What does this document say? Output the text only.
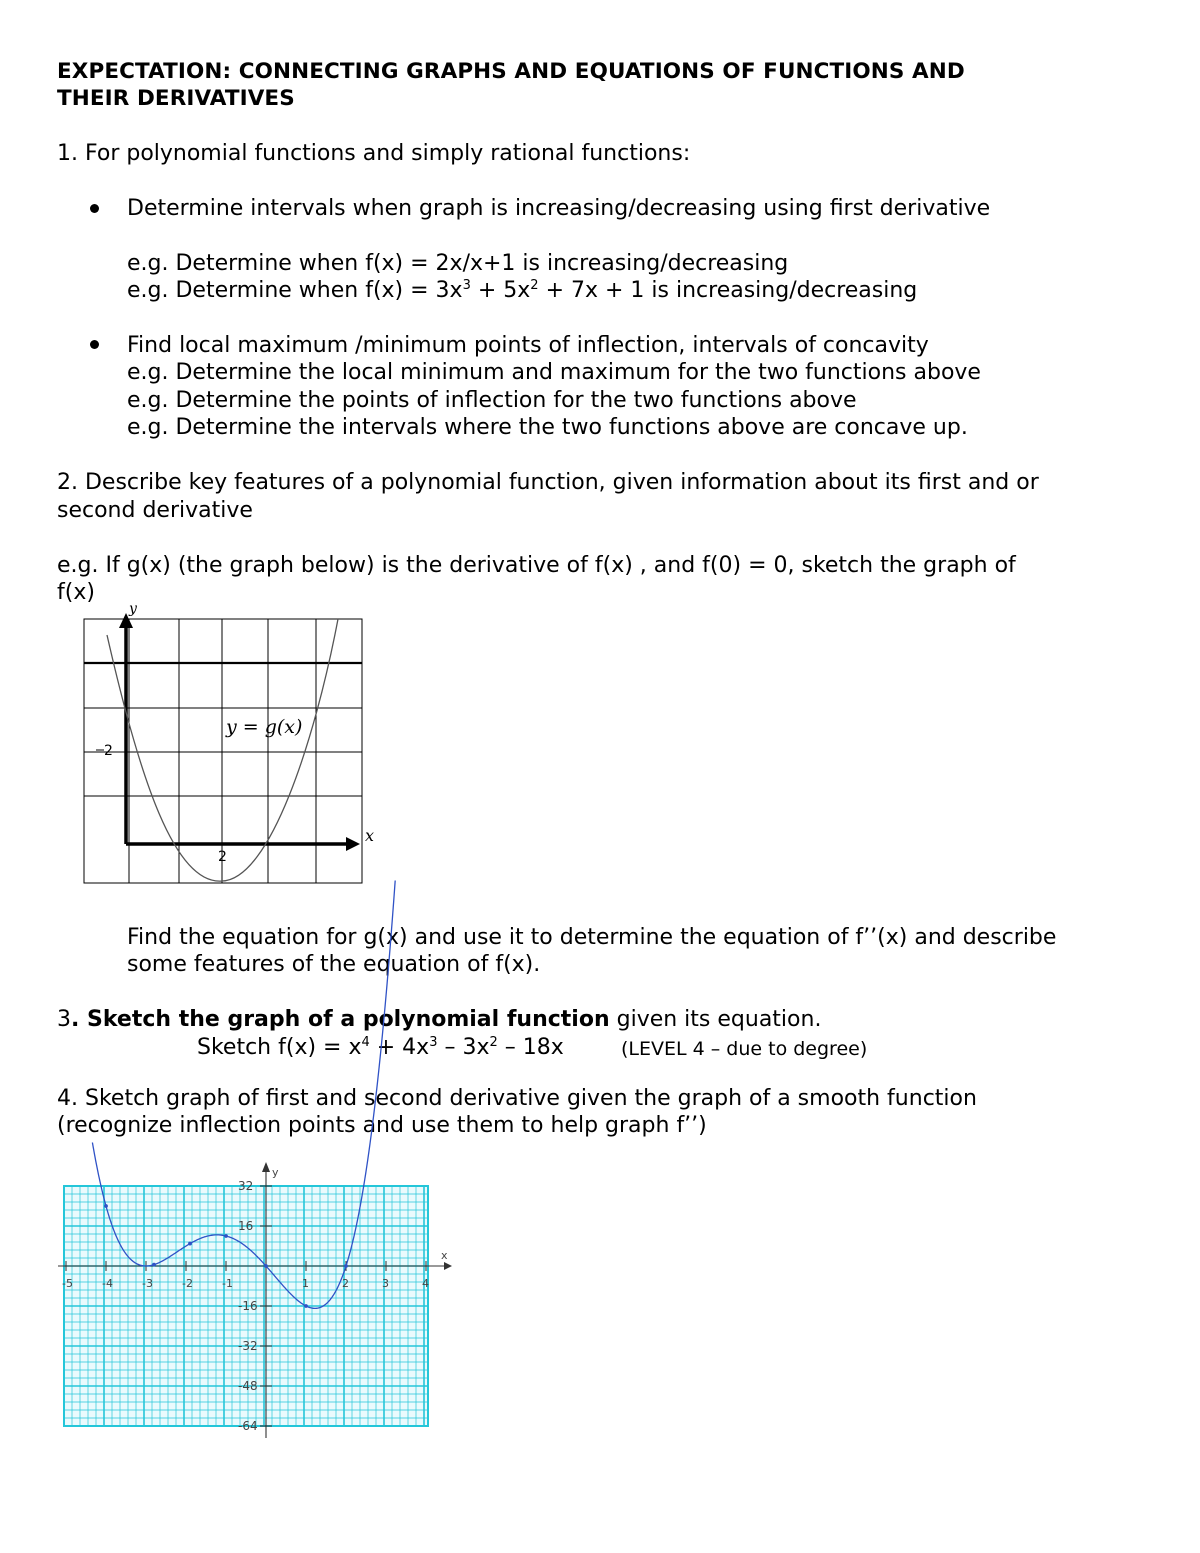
EXPECTATION: CONNECTING GRAPHS AND EQUATIONS OF FUNCTIONS AND
THEIR DERIVATIVES
1. For polynomial functions and simply rational functions:
Determine intervals when graph is increasing/decreasing using first derivative
e.g. Determine when f(x) = 2x/x+1 is increasing/decreasing
e.g. Determine when $f(x) = 3x^3 + 5x^2 + 7x + 1$ is increasing/decreasing
Find local maximum /minimum points of inflection, intervals of concavity
e.g. Determine the local minimum and maximum for the two functions above
e.g. Determine the points of inflection for the two functions above
e.g. Determine the intervals where the two functions above are concave up.
2. Describe key features of a polynomial function, given information about its first and or
second derivative
e.g. If g(x) (the graph below) is the derivative of f(x) , and f(0) = 0, sketch the graph of
f(x)
y
x
y = g(x)
2
2
Find the equation for g(x) and use it to determine the equation of f’’(x) and describe
some features of the equation of f(x).
3. Sketch the graph of a polynomial function given its equation.
Sketch $f(x) = x^4 + 4x^3 - 3x^2 - 18x$	(LEVEL 4 – due to degree)
4. Sketch graph of first and second derivative given the graph of a smooth function
(recognize inflection points and use them to help graph f’’)
-5	-4	-3	-2	-1	1	2	3	4
32
16
-16
-32
-48
-64
y
x
